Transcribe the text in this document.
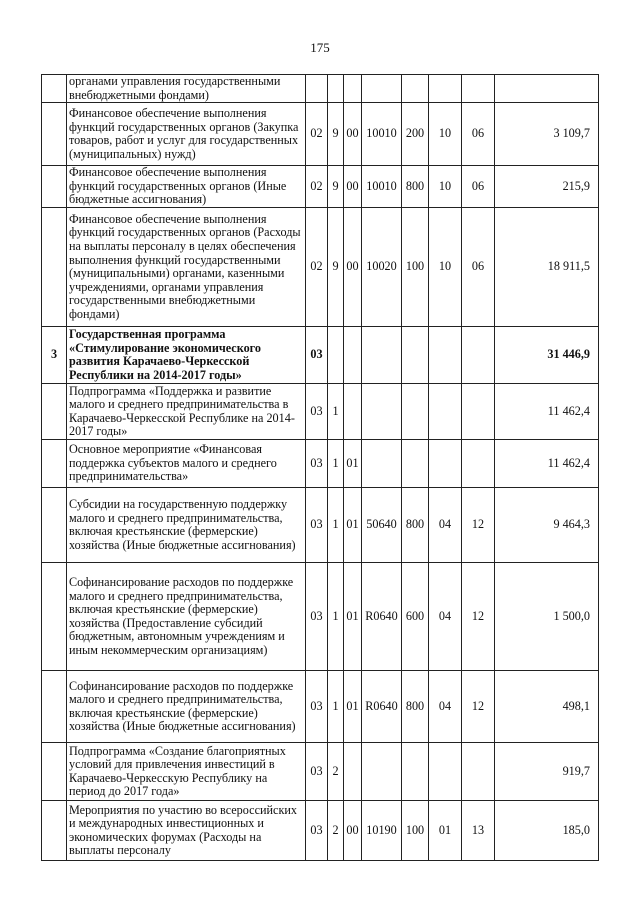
175
	органами управления государственными внебюджетными фондами)								
	Финансовое обеспечение выполнения функций государственных органов (Закупка товаров, работ и услуг для государственных (муниципальных) нужд)	02	9	00	10010	200	10	06	3 109,7
	Финансовое обеспечение выполнения функций государственных органов (Иные бюджетные ассигнования)	02	9	00	10010	800	10	06	215,9
	Финансовое обеспечение выполнения функций государственных органов (Расходы на выплаты персоналу в целях обеспечения выполнения функций государственными (муниципальными) органами, казенными учреждениями, органами управления государственными внебюджетными фондами)	02	9	00	10020	100	10	06	18 911,5
3	Государственная программа «Стимулирование экономического развития Карачаево-Черкесской Республики на 2014-2017 годы»	03							31 446,9
	Подпрограмма «Поддержка и развитие малого и среднего предпринимательства в Карачаево-Черкесской Республике на 2014-2017 годы»	03	1						11 462,4
	Основное мероприятие «Финансовая поддержка субъектов малого и среднего предпринимательства»	03	1	01					11 462,4
	Субсидии на государственную поддержку малого и среднего предпринимательства, включая крестьянские (фермерские) хозяйства (Иные бюджетные ассигнования)	03	1	01	50640	800	04	12	9 464,3
	Софинансирование расходов по поддержке малого и среднего предпринимательства, включая крестьянские (фермерские) хозяйства (Предоставление субсидий бюджетным, автономным учреждениям и иным некоммерческим организациям)	03	1	01	R0640	600	04	12	1 500,0
	Софинансирование расходов по поддержке малого и среднего предпринимательства, включая крестьянские (фермерские) хозяйства (Иные бюджетные ассигнования)	03	1	01	R0640	800	04	12	498,1
	Подпрограмма «Создание благоприятных условий для привлечения инвестиций в Карачаево-Черкесскую Республику на период до 2017 года»	03	2						919,7
	Мероприятия по участию во всероссийских и международных инвестиционных и экономических форумах (Расходы на выплаты персоналу	03	2	00	10190	100	01	13	185,0
